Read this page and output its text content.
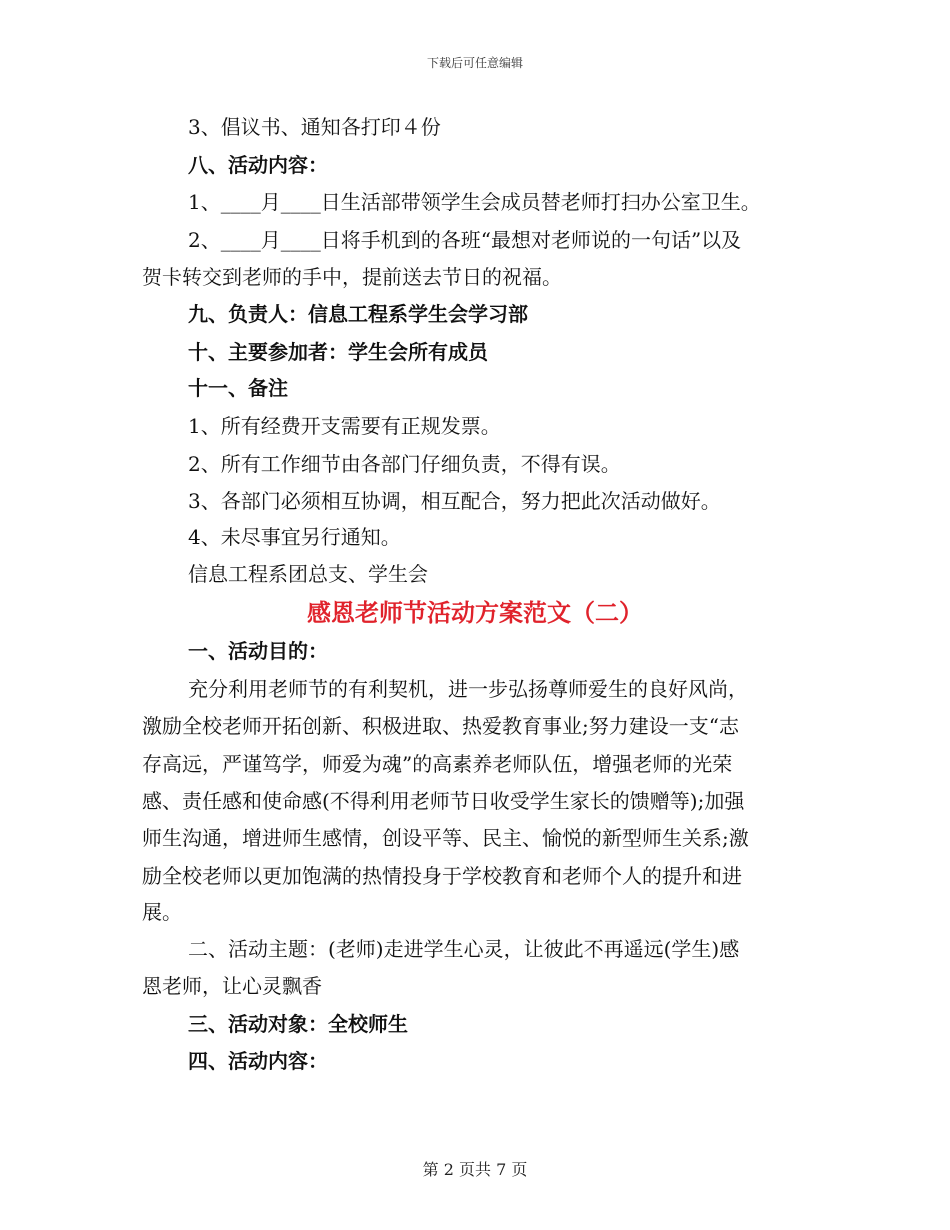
下载后可任意编辑
3、倡议书、通知各打印４份
八、活动内容：
1、____月____日生活部带领学生会成员替老师打扫办公室卫生。
2、____月____日将手机到的各班“最想对老师说的一句话”以及
贺卡转交到老师的手中，提前送去节日的祝福。
九、负责人：信息工程系学生会学习部
十、主要参加者：学生会所有成员
十一、备注
1、所有经费开支需要有正规发票。
2、所有工作细节由各部门仔细负责，不得有误。
3、各部门必须相互协调，相互配合，努力把此次活动做好。
4、未尽事宜另行通知。
信息工程系团总支、学生会
感恩老师节活动方案范文（二）
一、活动目的：
充分利用老师节的有利契机，进一步弘扬尊师爱生的良好风尚，
激励全校老师开拓创新、积极进取、热爱教育事业;努力建设一支“志
存高远，严谨笃学，师爱为魂”的高素养老师队伍，增强老师的光荣
感、责任感和使命感(不得利用老师节日收受学生家长的馈赠等);加强
师生沟通，增进师生感情，创设平等、民主、愉悦的新型师生关系;激
励全校老师以更加饱满的热情投身于学校教育和老师个人的提升和进
展。
二、活动主题：(老师)走进学生心灵，让彼此不再遥远(学生)感
恩老师，让心灵飘香
三、活动对象：全校师生
四、活动内容：
第 2 页共 7 页
